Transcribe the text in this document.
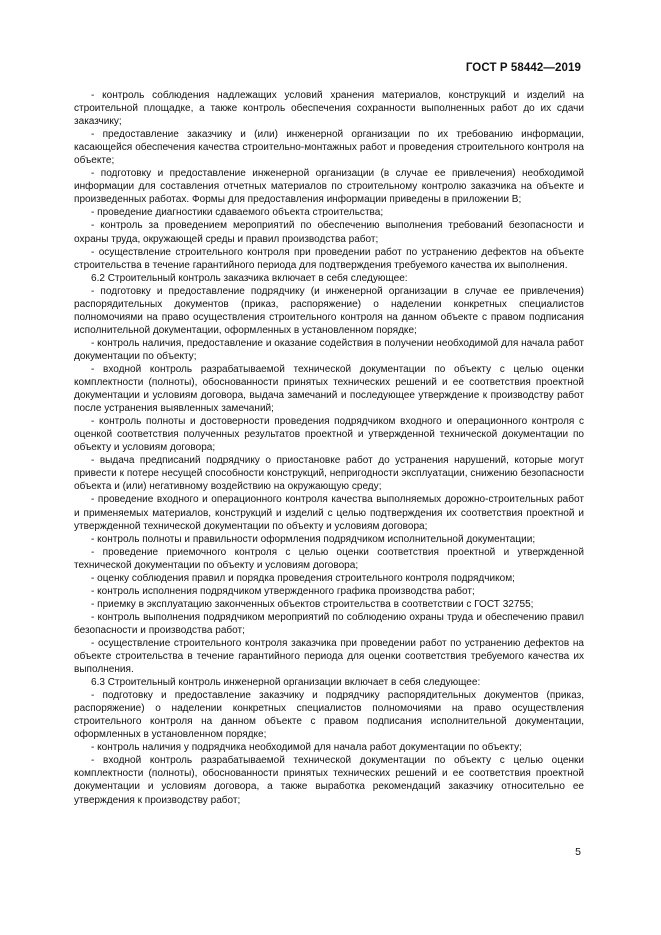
ГОСТ Р 58442—2019

- контроль соблюдения надлежащих условий хранения материалов, конструкций и изделий на строительной площадке, а также контроль обеспечения сохранности выполненных работ до их сдачи заказчику;

- предоставление заказчику и (или) инженерной организации по их требованию информации, касающейся обеспечения качества строительно-монтажных работ и проведения строительного контроля на объекте;

- подготовку и предоставление инженерной организации (в случае ее привлечения) необходимой информации для составления отчетных материалов по строительному контролю заказчика на объекте и произведенных работах. Формы для предоставления информации приведены в приложении В;

- проведение диагностики сдаваемого объекта строительства;

- контроль за проведением мероприятий по обеспечению выполнения требований безопасности и охраны труда, окружающей среды и правил производства работ;

- осуществление строительного контроля при проведении работ по устранению дефектов на объекте строительства в течение гарантийного периода для подтверждения требуемого качества их выполнения.

6.2 Строительный контроль заказчика включает в себя следующее:

- подготовку и предоставление подрядчику (и инженерной организации в случае ее привлечения) распорядительных документов (приказ, распоряжение) о наделении конкретных специалистов полномочиями на право осуществления строительного контроля на данном объекте с правом подписания исполнительной документации, оформленных в установленном порядке;

- контроль наличия, предоставление и оказание содействия в получении необходимой для начала работ документации по объекту;

- входной контроль разрабатываемой технической документации по объекту с целью оценки комплектности (полноты), обоснованности принятых технических решений и ее соответствия проектной документации и условиям договора, выдача замечаний и последующее утверждение к производству работ после устранения выявленных замечаний;

- контроль полноты и достоверности проведения подрядчиком входного и операционного контроля с оценкой соответствия полученных результатов проектной и утвержденной технической документации по объекту и условиям договора;

- выдача предписаний подрядчику о приостановке работ до устранения нарушений, которые могут привести к потере несущей способности конструкций, непригодности эксплуатации, снижению безопасности объекта и (или) негативному воздействию на окружающую среду;

- проведение входного и операционного контроля качества выполняемых дорожно-строительных работ и применяемых материалов, конструкций и изделий с целью подтверждения их соответствия проектной и утвержденной технической документации по объекту и условиям договора;

- контроль полноты и правильности оформления подрядчиком исполнительной документации;

- проведение приемочного контроля с целью оценки соответствия проектной и утвержденной технической документации по объекту и условиям договора;

- оценку соблюдения правил и порядка проведения строительного контроля подрядчиком;

- контроль исполнения подрядчиком утвержденного графика производства работ;

- приемку в эксплуатацию законченных объектов строительства в соответствии с ГОСТ 32755;

- контроль выполнения подрядчиком мероприятий по соблюдению охраны труда и обеспечению правил безопасности и производства работ;

- осуществление строительного контроля заказчика при проведении работ по устранению дефектов на объекте строительства в течение гарантийного периода для оценки соответствия требуемого качества их выполнения.

6.3 Строительный контроль инженерной организации включает в себя следующее:

- подготовку и предоставление заказчику и подрядчику распорядительных документов (приказ, распоряжение) о наделении конкретных специалистов полномочиями на право осуществления строительного контроля на данном объекте с правом подписания исполнительной документации, оформленных в установленном порядке;

- контроль наличия у подрядчика необходимой для начала работ документации по объекту;

- входной контроль разрабатываемой технической документации по объекту с целью оценки комплектности (полноты), обоснованности принятых технических решений и ее соответствия проектной документации и условиям договора, а также выработка рекомендаций заказчику относительно ее утверждения к производству работ;

5
